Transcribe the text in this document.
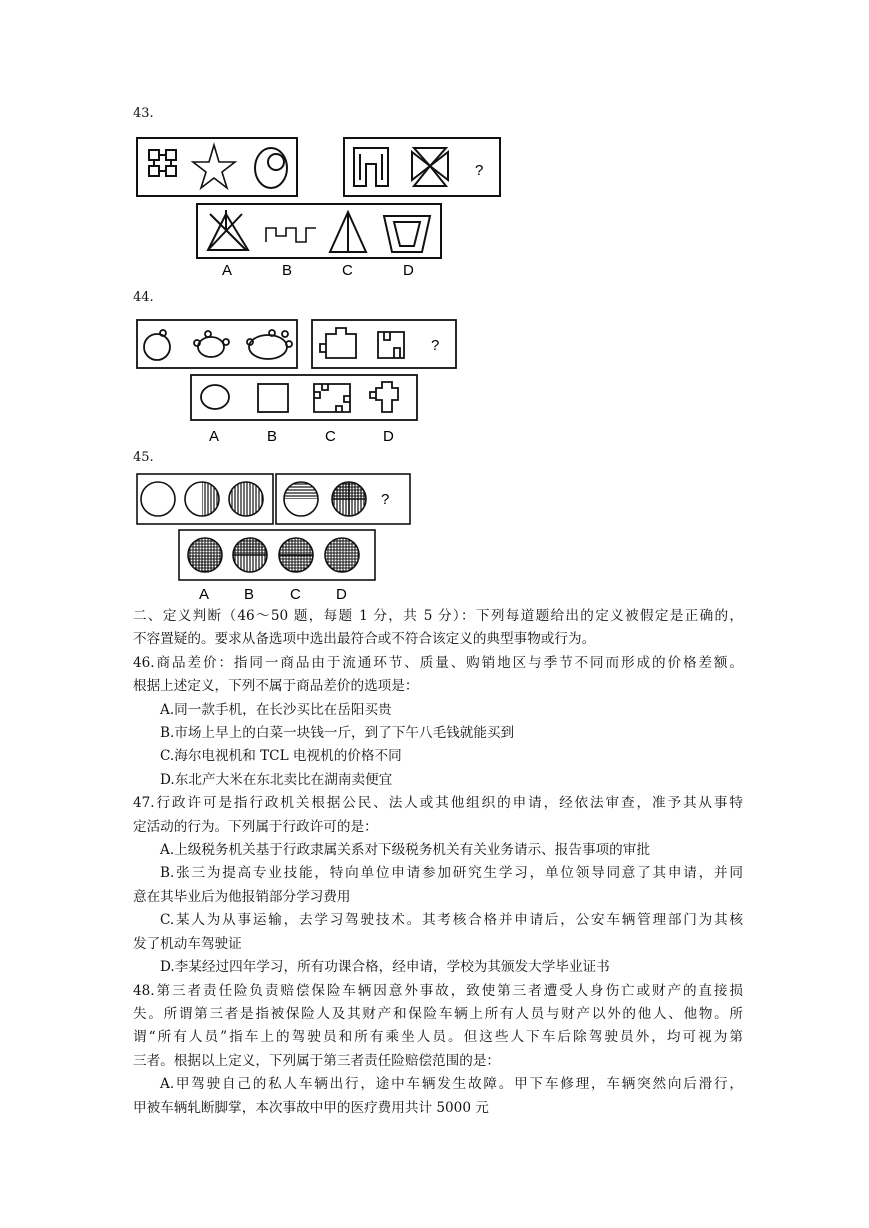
43.
?
A	B	C	D
44.
?
A	B	C	D
45.
?
A B C D
二、定义判断（46～50 题，每题 1 分，共 5 分）：下列每道题给出的定义被假定是正确的，
不容置疑的。要求从备选项中选出最符合或不符合该定义的典型事物或行为。
46.商品差价：指同一商品由于流通环节、质量、购销地区与季节不同而形成的价格差额。
根据上述定义，下列不属于商品差价的选项是：
A.同一款手机，在长沙买比在岳阳买贵
B.市场上早上的白菜一块钱一斤，到了下午八毛钱就能买到
C.海尔电视机和 TCL 电视机的价格不同
D.东北产大米在东北卖比在湖南卖便宜
47.行政许可是指行政机关根据公民、法人或其他组织的申请，经依法审查，准予其从事特
定活动的行为。下列属于行政许可的是：
A.上级税务机关基于行政隶属关系对下级税务机关有关业务请示、报告事项的审批
B.张三为提高专业技能，特向单位申请参加研究生学习，单位领导同意了其申请，并同
意在其毕业后为他报销部分学习费用
C.某人为从事运输，去学习驾驶技术。其考核合格并申请后，公安车辆管理部门为其核
发了机动车驾驶证
D.李某经过四年学习，所有功课合格，经申请，学校为其颁发大学毕业证书
48.第三者责任险负责赔偿保险车辆因意外事故，致使第三者遭受人身伤亡或财产的直接损
失。所谓第三者是指被保险人及其财产和保险车辆上所有人员与财产以外的他人、他物。所
谓“所有人员”指车上的驾驶员和所有乘坐人员。但这些人下车后除驾驶员外，均可视为第
三者。根据以上定义，下列属于第三者责任险赔偿范围的是：
A.甲驾驶自己的私人车辆出行，途中车辆发生故障。甲下车修理，车辆突然向后滑行，
甲被车辆轧断脚掌，本次事故中甲的医疗费用共计 5000 元
